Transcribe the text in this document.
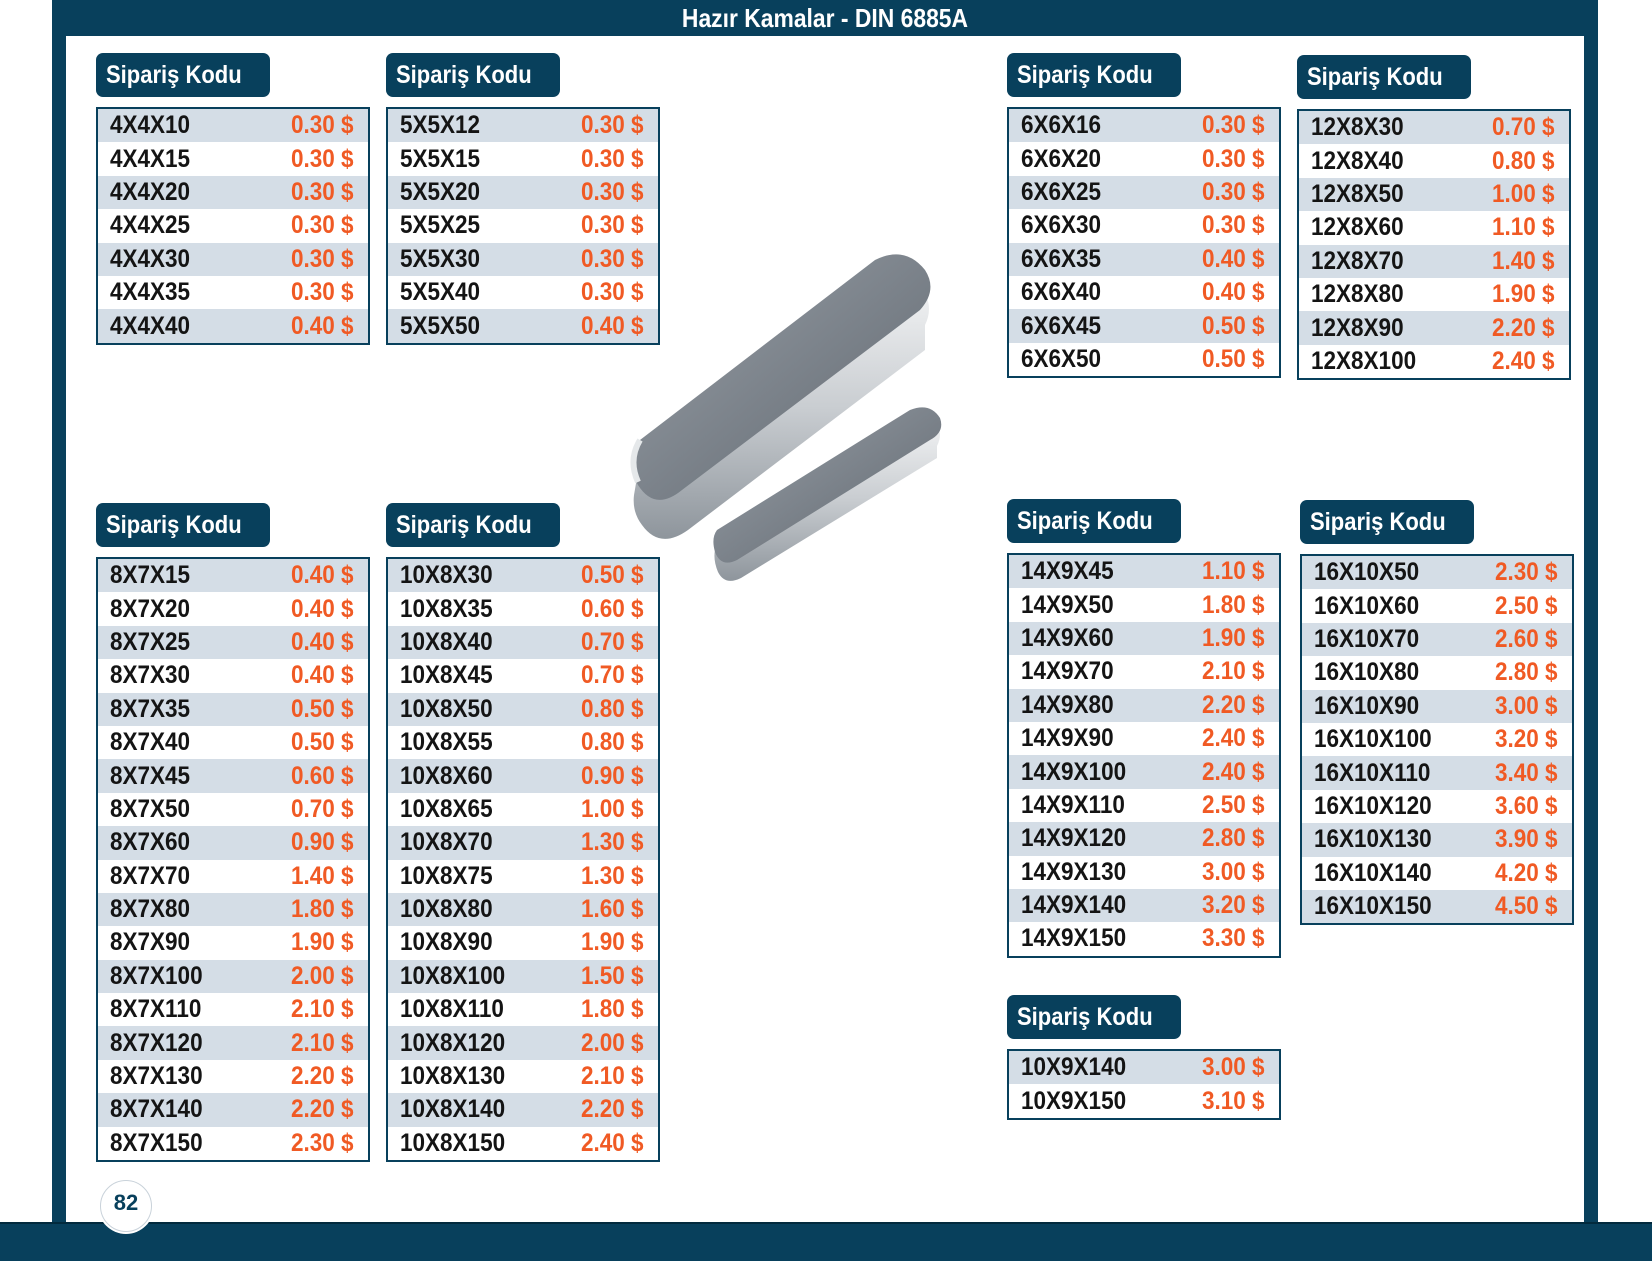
Hazır Kamalar - DIN 6885A
Sipariş Kodu
4X4X10	0.30 $
4X4X15	0.30 $
4X4X20	0.30 $
4X4X25	0.30 $
4X4X30	0.30 $
4X4X35	0.30 $
4X4X40	0.40 $
Sipariş Kodu
5X5X12	0.30 $
5X5X15	0.30 $
5X5X20	0.30 $
5X5X25	0.30 $
5X5X30	0.30 $
5X5X40	0.30 $
5X5X50	0.40 $
Sipariş Kodu
6X6X16	0.30 $
6X6X20	0.30 $
6X6X25	0.30 $
6X6X30	0.30 $
6X6X35	0.40 $
6X6X40	0.40 $
6X6X45	0.50 $
6X6X50	0.50 $
Sipariş Kodu
12X8X30	0.70 $
12X8X40	0.80 $
12X8X50	1.00 $
12X8X60	1.10 $
12X8X70	1.40 $
12X8X80	1.90 $
12X8X90	2.20 $
12X8X100	2.40 $
Sipariş Kodu
8X7X15	0.40 $
8X7X20	0.40 $
8X7X25	0.40 $
8X7X30	0.40 $
8X7X35	0.50 $
8X7X40	0.50 $
8X7X45	0.60 $
8X7X50	0.70 $
8X7X60	0.90 $
8X7X70	1.40 $
8X7X80	1.80 $
8X7X90	1.90 $
8X7X100	2.00 $
8X7X110	2.10 $
8X7X120	2.10 $
8X7X130	2.20 $
8X7X140	2.20 $
8X7X150	2.30 $
Sipariş Kodu
10X8X30	0.50 $
10X8X35	0.60 $
10X8X40	0.70 $
10X8X45	0.70 $
10X8X50	0.80 $
10X8X55	0.80 $
10X8X60	0.90 $
10X8X65	1.00 $
10X8X70	1.30 $
10X8X75	1.30 $
10X8X80	1.60 $
10X8X90	1.90 $
10X8X100	1.50 $
10X8X110	1.80 $
10X8X120	2.00 $
10X8X130	2.10 $
10X8X140	2.20 $
10X8X150	2.40 $
Sipariş Kodu
14X9X45	1.10 $
14X9X50	1.80 $
14X9X60	1.90 $
14X9X70	2.10 $
14X9X80	2.20 $
14X9X90	2.40 $
14X9X100	2.40 $
14X9X110	2.50 $
14X9X120	2.80 $
14X9X130	3.00 $
14X9X140	3.20 $
14X9X150	3.30 $
Sipariş Kodu
16X10X50	2.30 $
16X10X60	2.50 $
16X10X70	2.60 $
16X10X80	2.80 $
16X10X90	3.00 $
16X10X100	3.20 $
16X10X110	3.40 $
16X10X120	3.60 $
16X10X130	3.90 $
16X10X140	4.20 $
16X10X150	4.50 $
Sipariş Kodu
10X9X140	3.00 $
10X9X150	3.10 $
82
